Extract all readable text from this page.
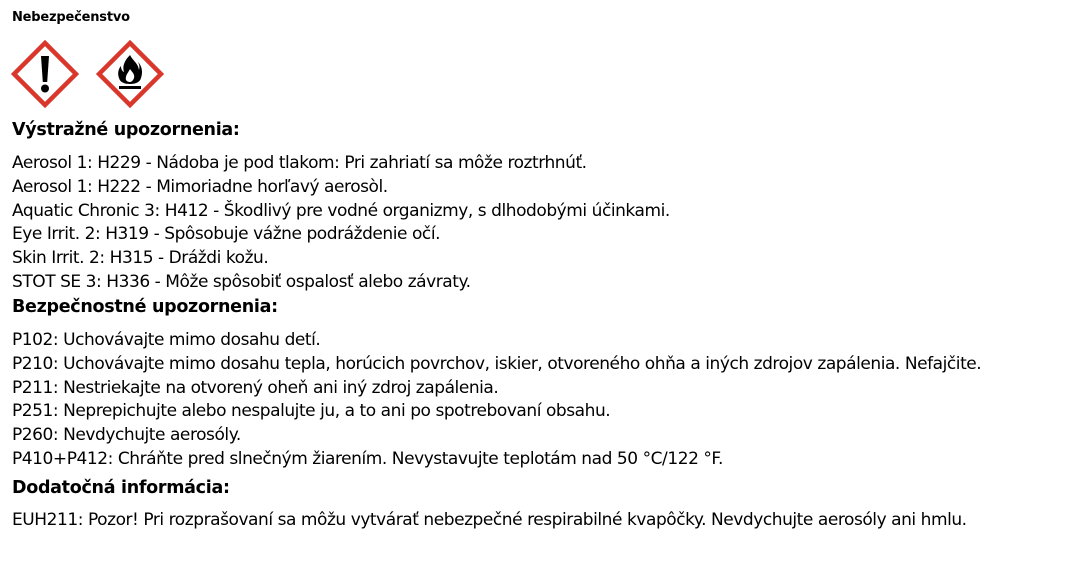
Nebezpečenstvo
Výstražné upozornenia:
Aerosol 1: H229 - Nádoba je pod tlakom: Pri zahriatí sa môže roztrhnúť.
Aerosol 1: H222 - Mimoriadne horľavý aerosòl.
Aquatic Chronic 3: H412 - Škodlivý pre vodné organizmy, s dlhodobými účinkami.
Eye Irrit. 2: H319 - Spôsobuje vážne podráždenie očí.
Skin Irrit. 2: H315 - Dráždi kožu.
STOT SE 3: H336 - Môže spôsobiť ospalosť alebo závraty.
Bezpečnostné upozornenia:
P102: Uchovávajte mimo dosahu detí.
P210: Uchovávajte mimo dosahu tepla, horúcich povrchov, iskier, otvoreného ohňa a iných zdrojov zapálenia. Nefajčite.
P211: Nestriekajte na otvorený oheň ani iný zdroj zapálenia.
P251: Neprepichujte alebo nespalujte ju, a to ani po spotrebovaní obsahu.
P260: Nevdychujte aerosóly.
P410+P412: Chráňte pred slnečným žiarením. Nevystavujte teplotám nad 50 °C/122 °F.
Dodatočná informácia:
EUH211: Pozor! Pri rozprašovaní sa môžu vytvárať nebezpečné respirabilné kvapôčky. Nevdychujte aerosóly ani hmlu.
